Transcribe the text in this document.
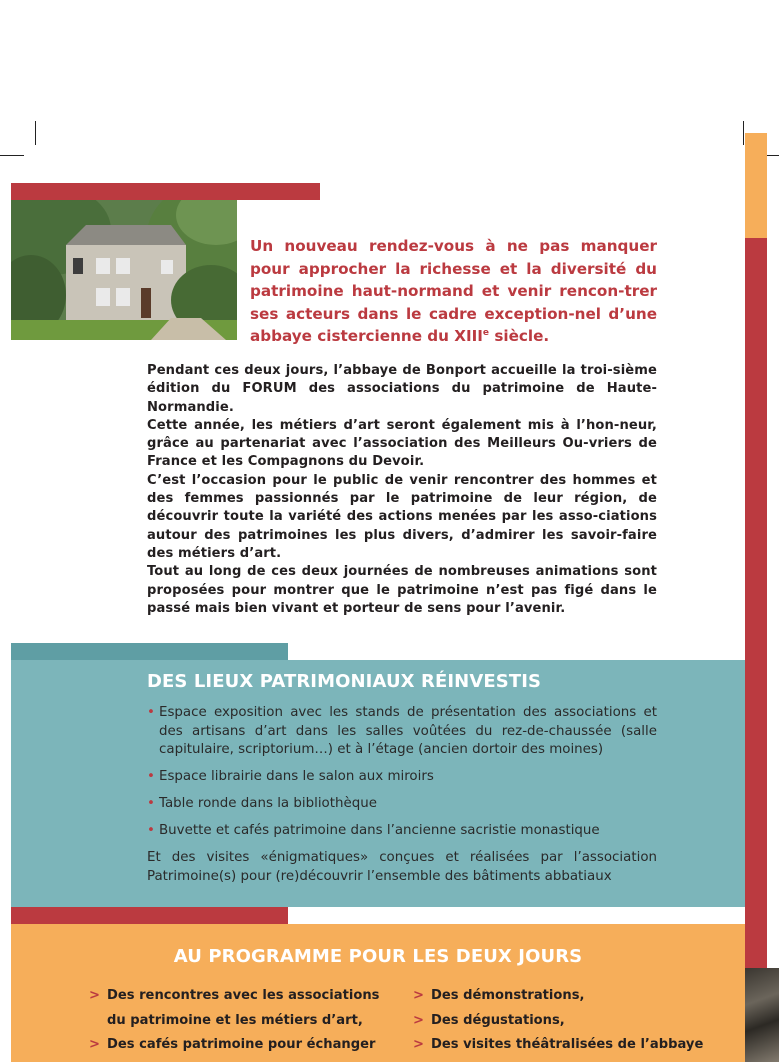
Un nouveau rendez-vous à ne pas manquer pour approcher la richesse et la diversité du patrimoine haut-normand et venir rencon-trer ses acteurs dans le cadre exception-nel d’une abbaye cistercienne du XIIIe siècle.

Pendant ces deux jours, l’abbaye de Bonport accueille la troi-sième édition du FORUM des associations du patrimoine de Haute-Normandie.

Cette année, les métiers d’art seront également mis à l’hon-neur, grâce au partenariat avec l’association des Meilleurs Ou-vriers de France et les Compagnons du Devoir.

C’est l’occasion pour le public de venir rencontrer des hommes et des femmes passionnés par le patrimoine de leur région, de découvrir toute la variété des actions menées par les asso-ciations autour des patrimoines les plus divers, d’admirer les savoir-faire des métiers d’art.

Tout au long de ces deux journées de nombreuses animations sont proposées pour montrer que le patrimoine n’est pas figé dans le passé mais bien vivant et porteur de sens pour l’avenir.

DES LIEUX PATRIMONIAUX RÉINVESTIS
• Espace exposition avec les stands de présentation des associations et des artisans d’art dans les salles voûtées du rez-de-chaussée (salle capitulaire, scriptorium…) et à l’étage (ancien dortoir des moines)
• Espace librairie dans le salon aux miroirs
• Table ronde dans la bibliothèque
• Buvette et cafés patrimoine dans l’ancienne sacristie monastique
Et des visites «énigmatiques» conçues et réalisées par l’association Patrimoine(s) pour (re)découvrir l’ensemble des bâtiments abbatiaux
AU PROGRAMME POUR LES DEUX JOURS
> Des rencontres avec les associations
du patrimoine et les métiers d’art,
> Des cafés patrimoine pour échanger
> Des démonstrations,
> Des dégustations,
> Des visites théâtralisées de l’abbaye
